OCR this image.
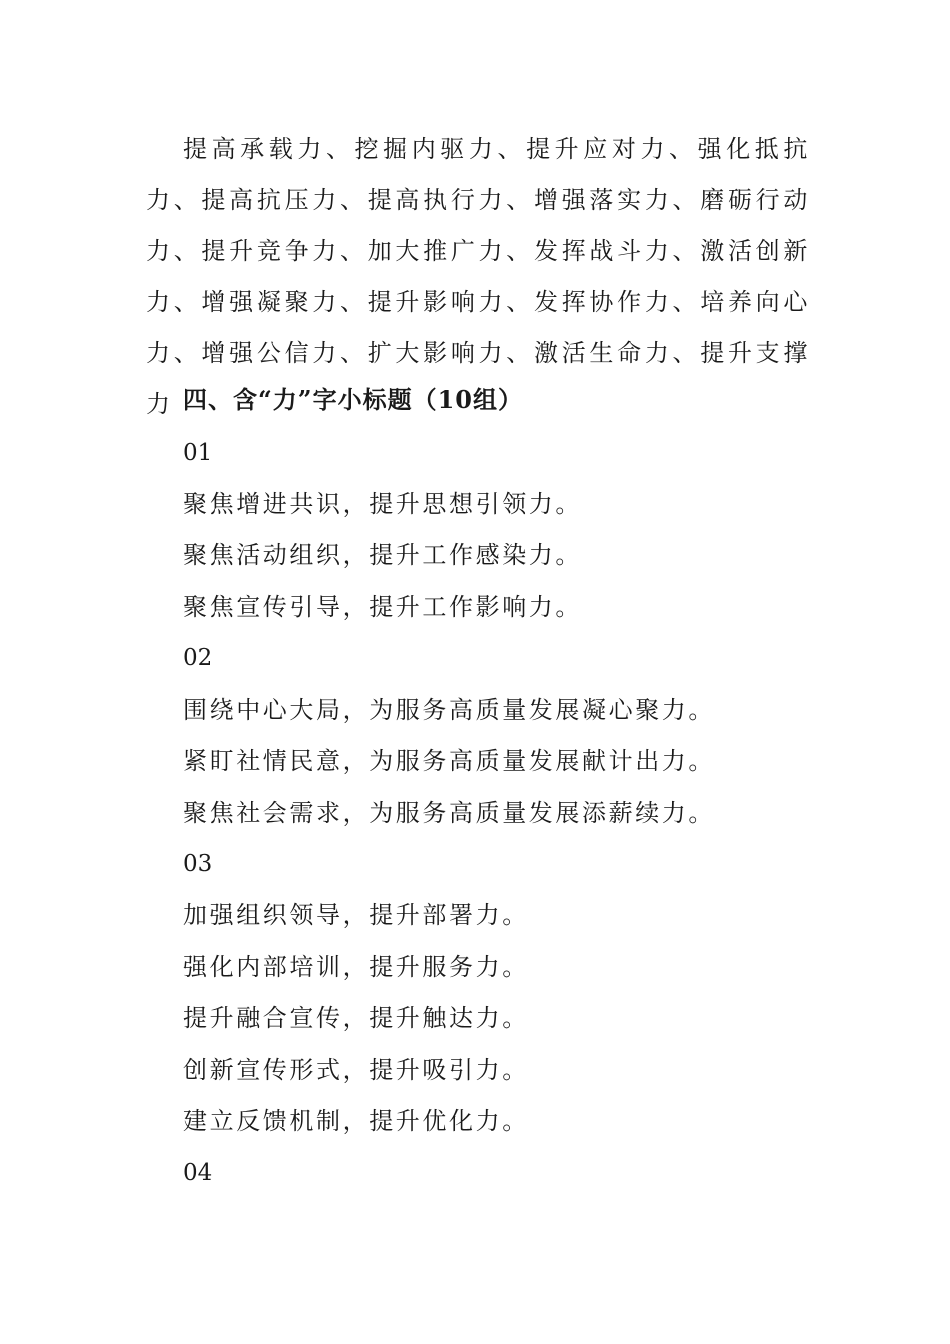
提高承载力、挖掘内驱力、提升应对力、强化抵抗力、提高抗压力、提高执行力、增强落实力、磨砺行动力、提升竞争力、加大推广力、发挥战斗力、激活创新力、增强凝聚力、提升影响力、发挥协作力、培养向心力、增强公信力、扩大影响力、激活生命力、提升支撑力 四、含“力”字小标题（10组）

01

聚焦增进共识，提升思想引领力。

聚焦活动组织，提升工作感染力。

聚焦宣传引导，提升工作影响力。

02

围绕中心大局，为服务高质量发展凝心聚力。

紧盯社情民意，为服务高质量发展献计出力。

聚焦社会需求，为服务高质量发展添薪续力。

03

加强组织领导，提升部署力。

强化内部培训，提升服务力。

提升融合宣传，提升触达力。

创新宣传形式，提升吸引力。

建立反馈机制，提升优化力。

04
